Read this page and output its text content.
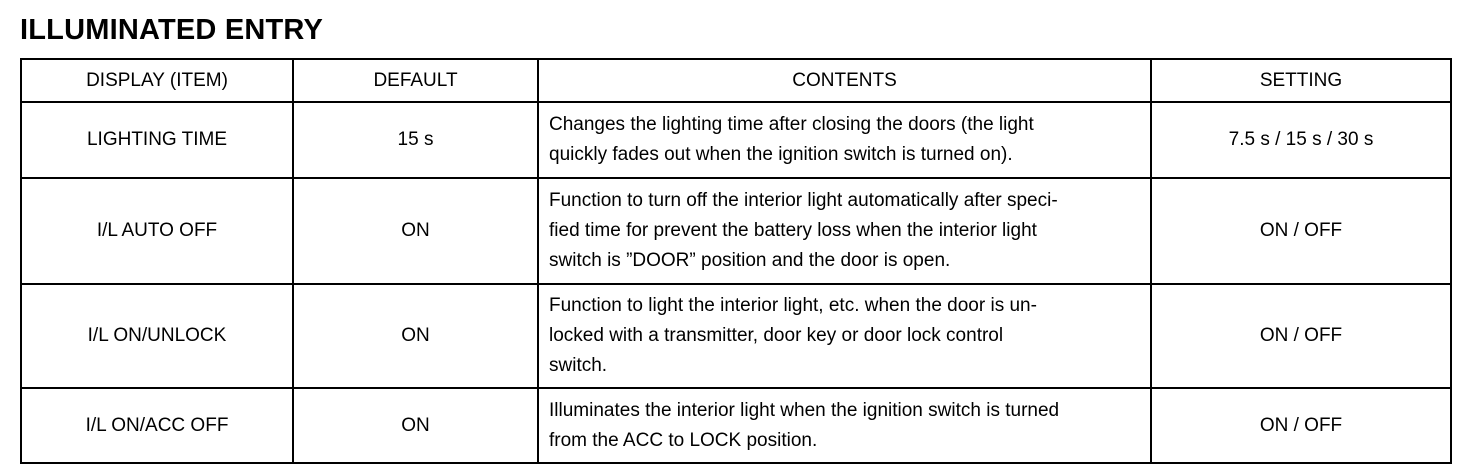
ILLUMINATED ENTRY
DISPLAY (ITEM)	DEFAULT	CONTENTS	SETTING
LIGHTING TIME	15 s	Changes the lighting time after closing the doors (the light
quickly fades out when the ignition switch is turned on).	7.5 s / 15 s / 30 s
I/L AUTO OFF	ON	Function to turn off the interior light automatically after speci-
fied time for prevent the battery loss when the interior light
switch is ”DOOR” position and the door is open.	ON / OFF
I/L ON/UNLOCK	ON	Function to light the interior light, etc. when the door is un-
locked with a transmitter, door key or door lock control
switch.	ON / OFF
I/L ON/ACC OFF	ON	Illuminates the interior light when the ignition switch is turned
from the ACC to LOCK position.	ON / OFF
